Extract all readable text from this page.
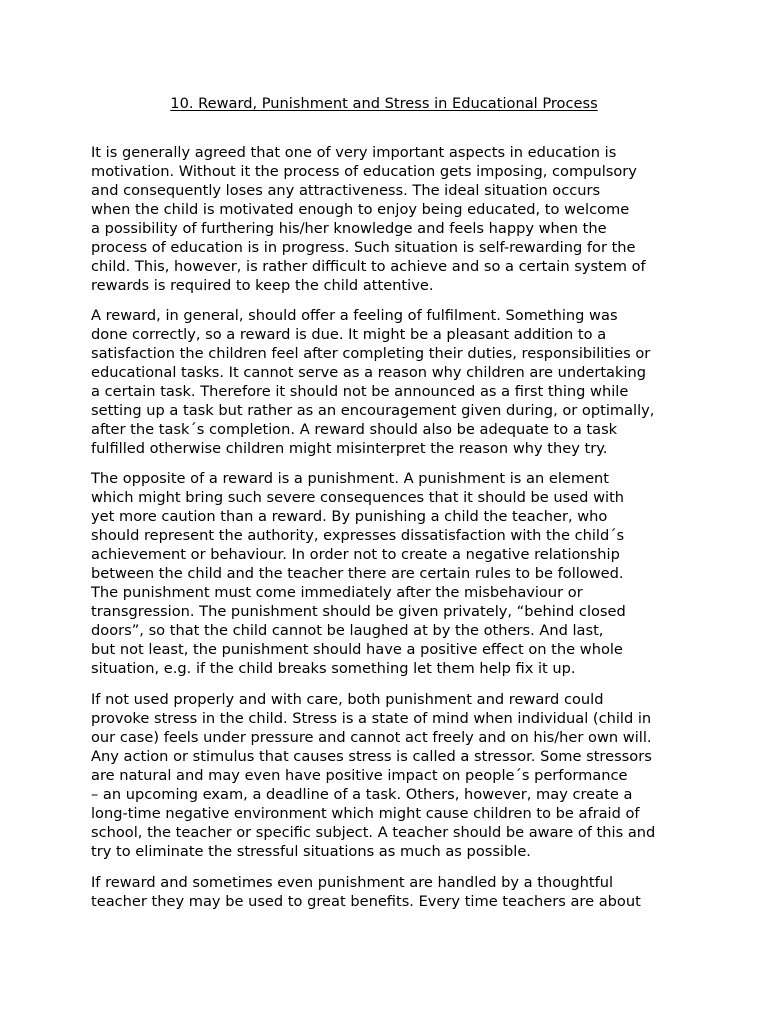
10. Reward, Punishment and Stress in Educational Process
It is generally agreed that one of very important aspects in education is
motivation. Without it the process of education gets imposing, compulsory
and consequently loses any attractiveness. The ideal situation occurs
when the child is motivated enough to enjoy being educated, to welcome
a possibility of furthering his/her knowledge and feels happy when the
process of education is in progress. Such situation is self-rewarding for the
child. This, however, is rather difficult to achieve and so a certain system of
rewards is required to keep the child attentive.
A reward, in general, should offer a feeling of fulfilment. Something was
done correctly, so a reward is due. It might be a pleasant addition to a
satisfaction the children feel after completing their duties, responsibilities or
educational tasks. It cannot serve as a reason why children are undertaking
a certain task. Therefore it should not be announced as a first thing while
setting up a task but rather as an encouragement given during, or optimally,
after the task´s completion. A reward should also be adequate to a task
fulfilled otherwise children might misinterpret the reason why they try.
The opposite of a reward is a punishment. A punishment is an element
which might bring such severe consequences that it should be used with
yet more caution than a reward. By punishing a child the teacher, who
should represent the authority, expresses dissatisfaction with the child´s
achievement or behaviour. In order not to create a negative relationship
between the child and the teacher there are certain rules to be followed.
The punishment must come immediately after the misbehaviour or
transgression. The punishment should be given privately, “behind closed
doors”, so that the child cannot be laughed at by the others. And last,
but not least, the punishment should have a positive effect on the whole
situation, e.g. if the child breaks something let them help fix it up.
If not used properly and with care, both punishment and reward could
provoke stress in the child. Stress is a state of mind when individual (child in
our case) feels under pressure and cannot act freely and on his/her own will.
Any action or stimulus that causes stress is called a stressor. Some stressors
are natural and may even have positive impact on people´s performance
– an upcoming exam, a deadline of a task. Others, however, may create a
long-time negative environment which might cause children to be afraid of
school, the teacher or specific subject. A teacher should be aware of this and
try to eliminate the stressful situations as much as possible.
If reward and sometimes even punishment are handled by a thoughtful
teacher they may be used to great benefits. Every time teachers are about
